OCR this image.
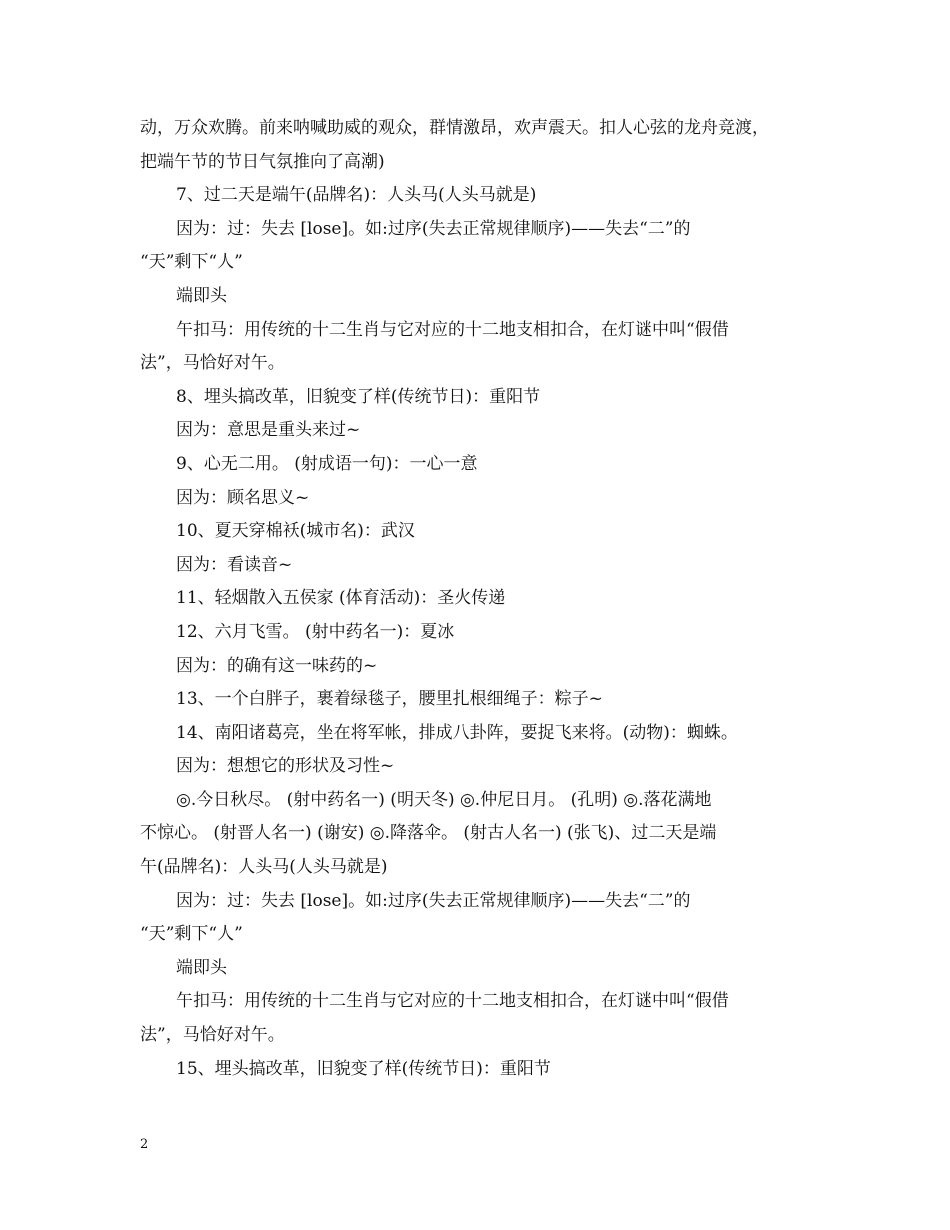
动，万众欢腾。前来呐喊助威的观众，群情激昂，欢声震天。扣人心弦的龙舟竞渡，
把端午节的节日气氛推向了高潮)
7、过二天是端午(品牌名)：人头马(人头马就是)
因为：过：失去 [lose]。如:过序(失去正常规律顺序)——失去“二”的
“天”剩下“人”
端即头
午扣马：用传统的十二生肖与它对应的十二地支相扣合，在灯谜中叫“假借
法”，马恰好对午。
8、埋头搞改革，旧貌变了样(传统节日)：重阳节
因为：意思是重头来过~
9、心无二用。 (射成语一句)：一心一意
因为：顾名思义~
10、夏天穿棉袄(城市名)：武汉
因为：看读音~
11、轻烟散入五侯家 (体育活动)：圣火传递
12、六月飞雪。 (射中药名一)：夏冰
因为：的确有这一味药的~
13、一个白胖子，裹着绿毯子，腰里扎根细绳子：粽子~
14、南阳诸葛亮，坐在将军帐，排成八卦阵，要捉飞来将。(动物)：蜘蛛。
因为：想想它的形状及习性~
◎.今日秋尽。 (射中药名一) (明天冬) ◎.仲尼日月。 (孔明) ◎.落花满地
不惊心。 (射晋人名一) (谢安) ◎.降落伞。 (射古人名一) (张飞)、过二天是端
午(品牌名)：人头马(人头马就是)
因为：过：失去 [lose]。如:过序(失去正常规律顺序)——失去“二”的
“天”剩下“人”
端即头
午扣马：用传统的十二生肖与它对应的十二地支相扣合，在灯谜中叫“假借
法”，马恰好对午。
15、埋头搞改革，旧貌变了样(传统节日)：重阳节
2
